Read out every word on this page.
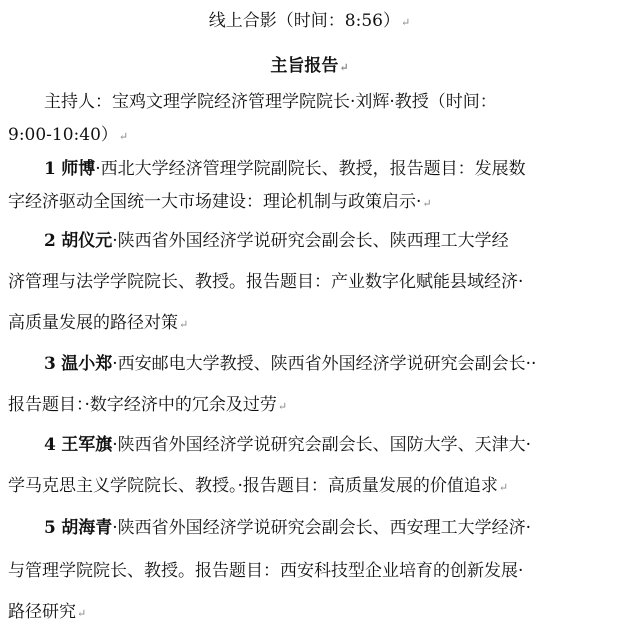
线上合影（时间：8:56）↵
主旨报告↵
主持人：宝鸡文理学院经济管理学院院长·刘辉·教授（时间：
9:00-10:40）↵
1 师博·西北大学经济管理学院副院长、教授，报告题目：发展数
字经济驱动全国统一大市场建设：理论机制与政策启示·↵
2 胡仪元·陕西省外国经济学说研究会副会长、陕西理工大学经
济管理与法学学院院长、教授。报告题目：产业数字化赋能县域经济·
高质量发展的路径对策↵
3 温小郑·西安邮电大学教授、陕西省外国经济学说研究会副会长··
报告题目：·数字经济中的冗余及过劳↵
4 王军旗·陕西省外国经济学说研究会副会长、国防大学、天津大·
学马克思主义学院院长、教授。·报告题目：高质量发展的价值追求↵
5 胡海青·陕西省外国经济学说研究会副会长、西安理工大学经济·
与管理学院院长、教授。报告题目：西安科技型企业培育的创新发展·
路径研究↵
